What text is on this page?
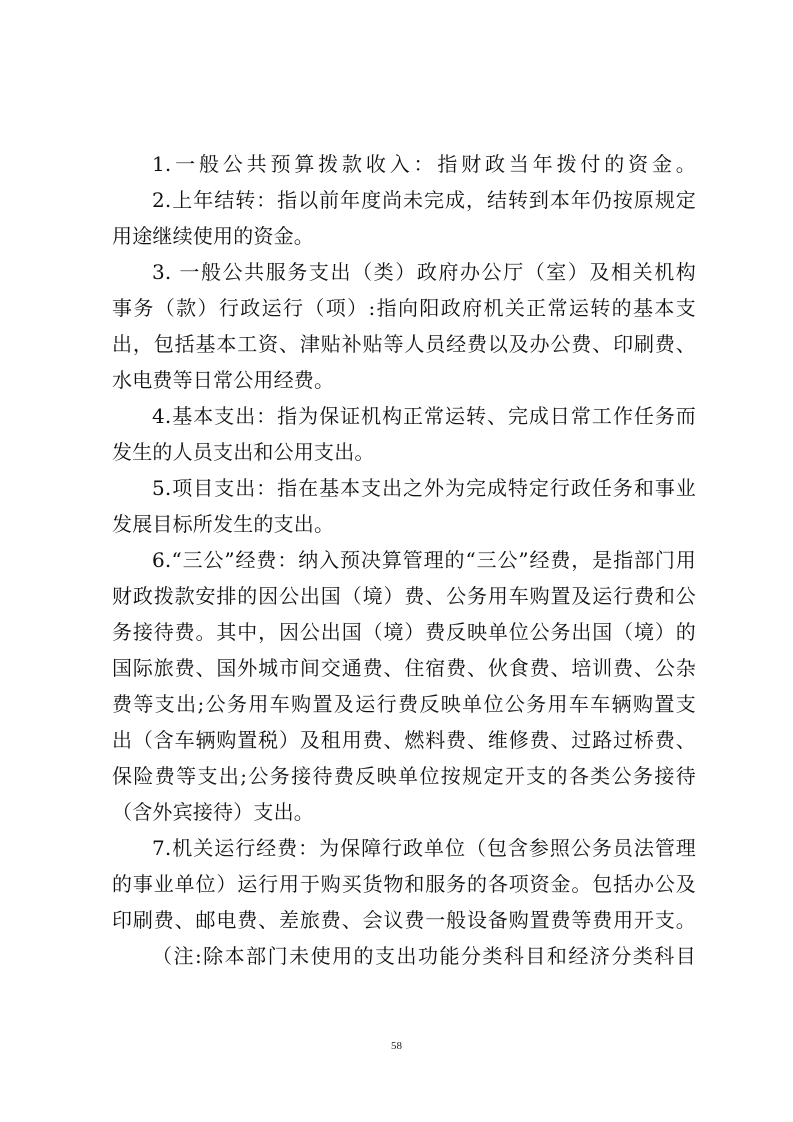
1.一般公共预算拨款收入：指财政当年拨付的资金。
2.上年结转：指以前年度尚未完成，结转到本年仍按原规定
用途继续使用的资金。
3. 一般公共服务支出（类）政府办公厅（室）及相关机构
事务（款）行政运行（项）:指向阳政府机关正常运转的基本支
出，包括基本工资、津贴补贴等人员经费以及办公费、印刷费、
水电费等日常公用经费。
4.基本支出：指为保证机构正常运转、完成日常工作任务而
发生的人员支出和公用支出。
5.项目支出：指在基本支出之外为完成特定行政任务和事业
发展目标所发生的支出。
6.“三公”经费：纳入预决算管理的“三公”经费，是指部门用
财政拨款安排的因公出国（境）费、公务用车购置及运行费和公
务接待费。其中，因公出国（境）费反映单位公务出国（境）的
国际旅费、国外城市间交通费、住宿费、伙食费、培训费、公杂
费等支出;公务用车购置及运行费反映单位公务用车车辆购置支
出（含车辆购置税）及租用费、燃料费、维修费、过路过桥费、
保险费等支出;公务接待费反映单位按规定开支的各类公务接待
（含外宾接待）支出。
7.机关运行经费：为保障行政单位（包含参照公务员法管理
的事业单位）运行用于购买货物和服务的各项资金。包括办公及
印刷费、邮电费、差旅费、会议费一般设备购置费等费用开支。
（注:除本部门未使用的支出功能分类科目和经济分类科目
58
